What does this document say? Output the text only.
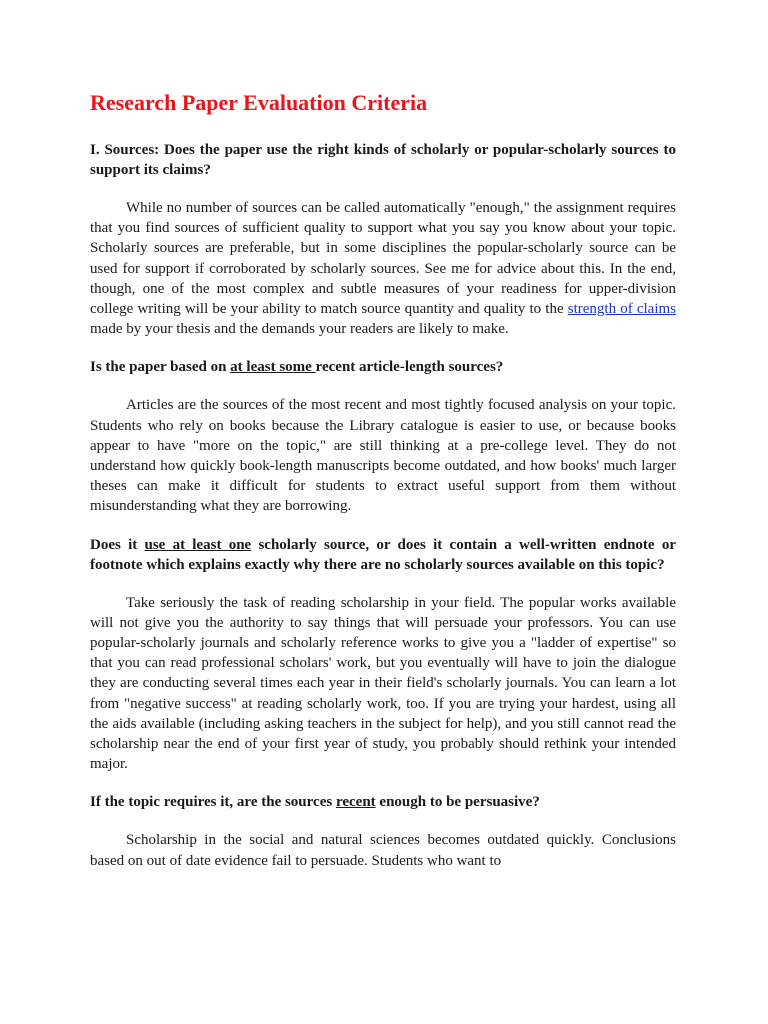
Research Paper Evaluation Criteria

I. Sources: Does the paper use the right kinds of scholarly or popular-scholarly sources to support its claims?

While no number of sources can be called automatically "enough," the assignment requires that you find sources of sufficient quality to support what you say you know about your topic. Scholarly sources are preferable, but in some disciplines the popular-scholarly source can be used for support if corroborated by scholarly sources. See me for advice about this. In the end, though, one of the most complex and subtle measures of your readiness for upper-division college writing will be your ability to match source quantity and quality to the strength of claims made by your thesis and the demands your readers are likely to make.

Is the paper based on at least some recent article-length sources?

Articles are the sources of the most recent and most tightly focused analysis on your topic. Students who rely on books because the Library catalogue is easier to use, or because books appear to have "more on the topic," are still thinking at a pre-college level. They do not understand how quickly book-length manuscripts become outdated, and how books' much larger theses can make it difficult for students to extract useful support from them without misunderstanding what they are borrowing.

Does it use at least one scholarly source, or does it contain a well-written endnote or footnote which explains exactly why there are no scholarly sources available on this topic?

Take seriously the task of reading scholarship in your field. The popular works available will not give you the authority to say things that will persuade your professors. You can use popular-scholarly journals and scholarly reference works to give you a "ladder of expertise" so that you can read professional scholars' work, but you eventually will have to join the dialogue they are conducting several times each year in their field's scholarly journals. You can learn a lot from "negative success" at reading scholarly work, too. If you are trying your hardest, using all the aids available (including asking teachers in the subject for help), and you still cannot read the scholarship near the end of your first year of study, you probably should rethink your intended major.

If the topic requires it, are the sources recent enough to be persuasive?

Scholarship in the social and natural sciences becomes outdated quickly. Conclusions based on out of date evidence fail to persuade. Students who want to
